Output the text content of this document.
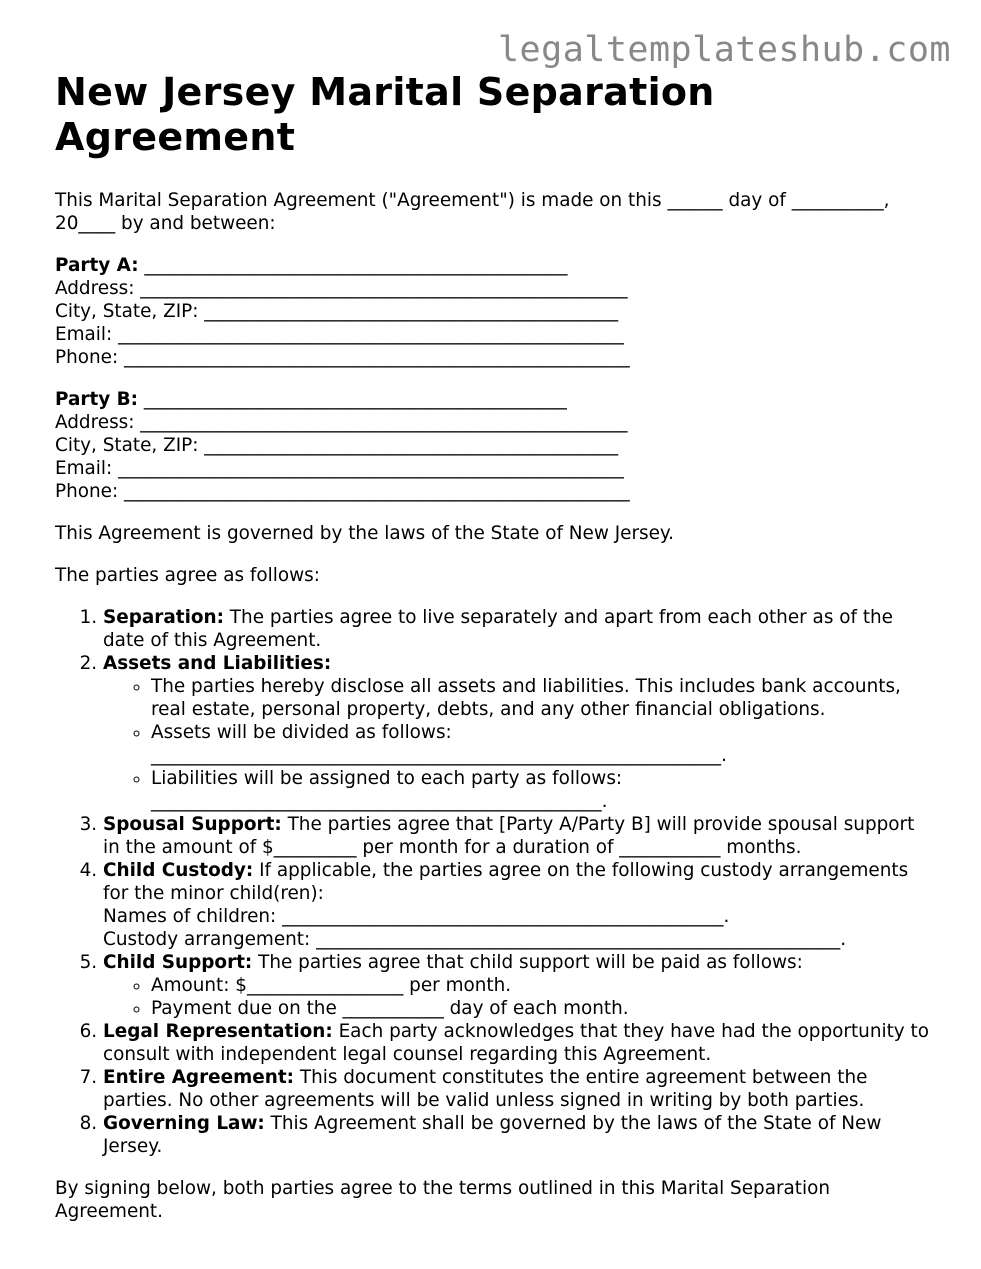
legaltemplateshub.com
New Jersey Marital Separation Agreement

This Marital Separation Agreement ("Agreement") is made on this ______ day of __________, 20____ by and between:

Party A: ______________________________________________
Address: _____________________________________________________
City, State, ZIP: _____________________________________________
Email: _______________________________________________________
Phone: _______________________________________________________
Party B: ______________________________________________
Address: _____________________________________________________
City, State, ZIP: _____________________________________________
Email: _______________________________________________________
Phone: _______________________________________________________

This Agreement is governed by the laws of the State of New Jersey.

The parties agree as follows:

1. Separation: The parties agree to live separately and apart from each other as of the date of this Agreement.
2. Assets and Liabilities:
◦ The parties hereby disclose all assets and liabilities. This includes bank accounts, real estate, personal property, debts, and any other financial obligations.
◦ Assets will be divided as follows:
______________________________________________________________.
◦ Liabilities will be assigned to each party as follows:
_________________________________________________.
3. Spousal Support: The parties agree that [Party A/Party B] will provide spousal support in the amount of $_________ per month for a duration of ___________ months.
4. Child Custody: If applicable, the parties agree on the following custody arrangements for the minor child(ren):
Names of children: ________________________________________________.
Custody arrangement: _________________________________________________________.
5. Child Support: The parties agree that child support will be paid as follows:
◦ Amount: $_________________ per month.
◦ Payment due on the ___________ day of each month.
6. Legal Representation: Each party acknowledges that they have had the opportunity to consult with independent legal counsel regarding this Agreement.
7. Entire Agreement: This document constitutes the entire agreement between the parties. No other agreements will be valid unless signed in writing by both parties.
8. Governing Law: This Agreement shall be governed by the laws of the State of New Jersey.

By signing below, both parties agree to the terms outlined in this Marital Separation Agreement.
